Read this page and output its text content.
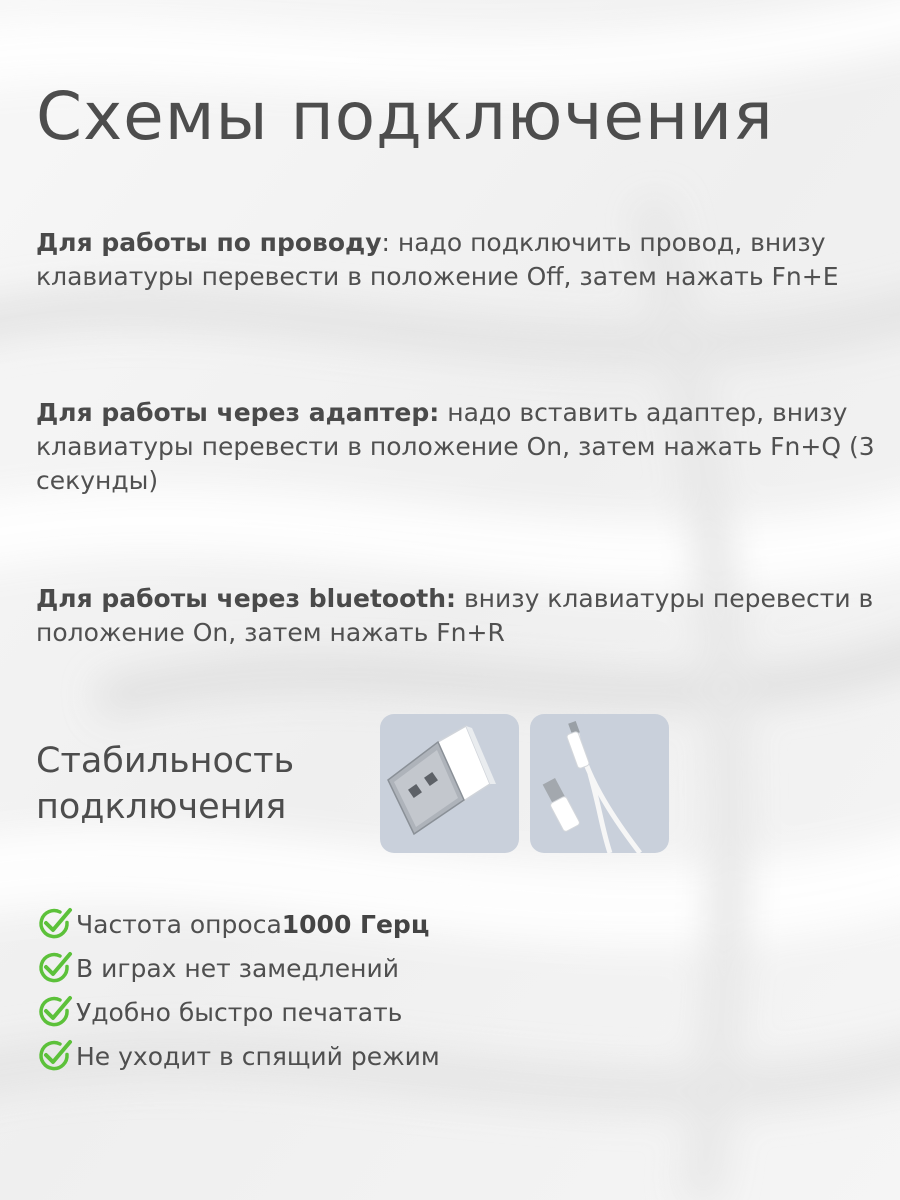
Схемы подключения

Для работы по проводу: надо подключить провод, внизу клавиатуры перевести в положение Off, затем нажать Fn+E

Для работы через адаптер: надо вставить адаптер, внизу клавиатуры перевести в положение On, затем нажать Fn+Q (3 секунды)

Для работы через bluetooth: внизу клавиатуры перевести в положение On, затем нажать Fn+R

Стабильность
подключения
Частота опроса 1000 Герц
В играх нет замедлений
Удобно быстро печатать
Не уходит в спящий режим
